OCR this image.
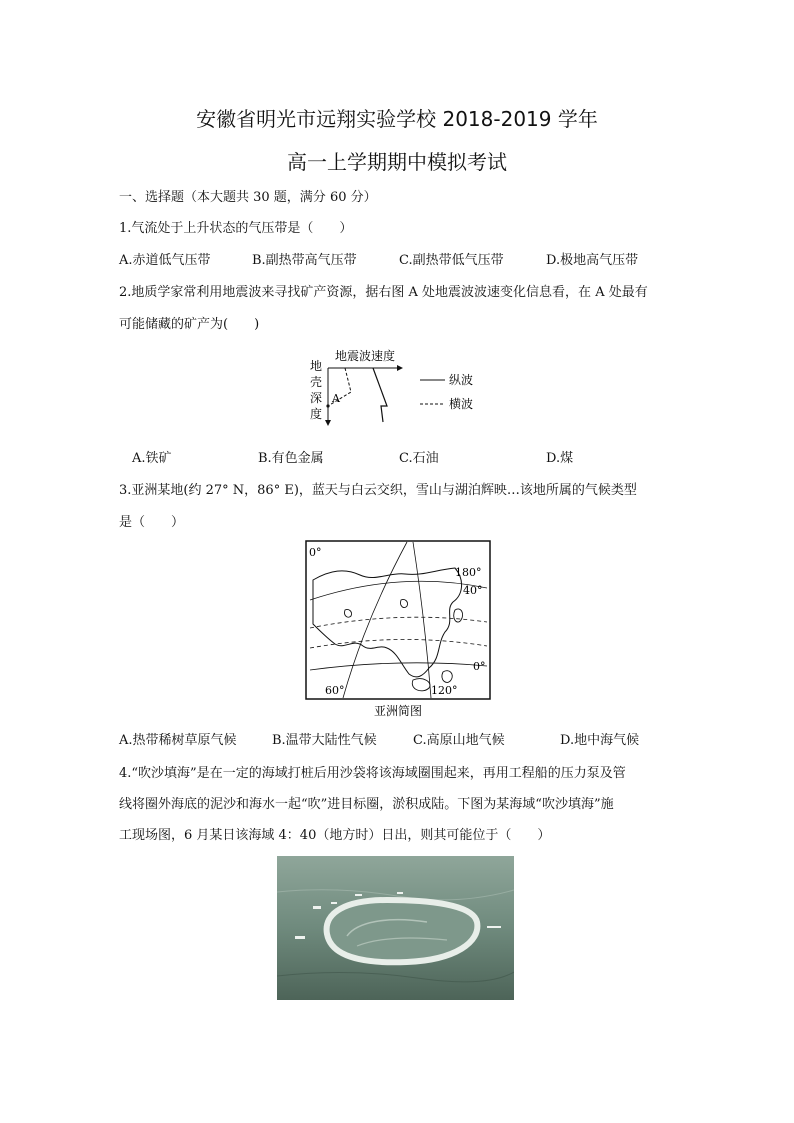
安徽省明光市远翔实验学校 2018-2019 学年
高一上学期期中模拟考试
一、选择题（本大题共 30 题，满分 60 分）
1.气流处于上升状态的气压带是（　　）
A.赤道低气压带	B.副热带高气压带	C.副热带低气压带	D.极地高气压带
2.地质学家常利用地震波来寻找矿产资源，据右图 A 处地震波波速变化信息看，在 A 处最有
可能储藏的矿产为(　　)
地震波速度
地
壳
深
度
A
纵波
横波
A.铁矿	B.有色金属	C.石油	D.煤
3.亚洲某地(约 27° N，86° E)，蓝天与白云交织，雪山与湖泊辉映…该地所属的气候类型
是（　　）
0°
180°
40°
0°
60°	120°
亚洲简图
A.热带稀树草原气候	B.温带大陆性气候	C.高原山地气候	D.地中海气候
4.“吹沙填海”是在一定的海域打桩后用沙袋将该海域圈围起来，再用工程船的压力泵及管
线将圈外海底的泥沙和海水一起“吹”进目标圈，淤积成陆。下图为某海域“吹沙填海”施
工现场图，6 月某日该海域 4：40（地方时）日出，则其可能位于（　　）
